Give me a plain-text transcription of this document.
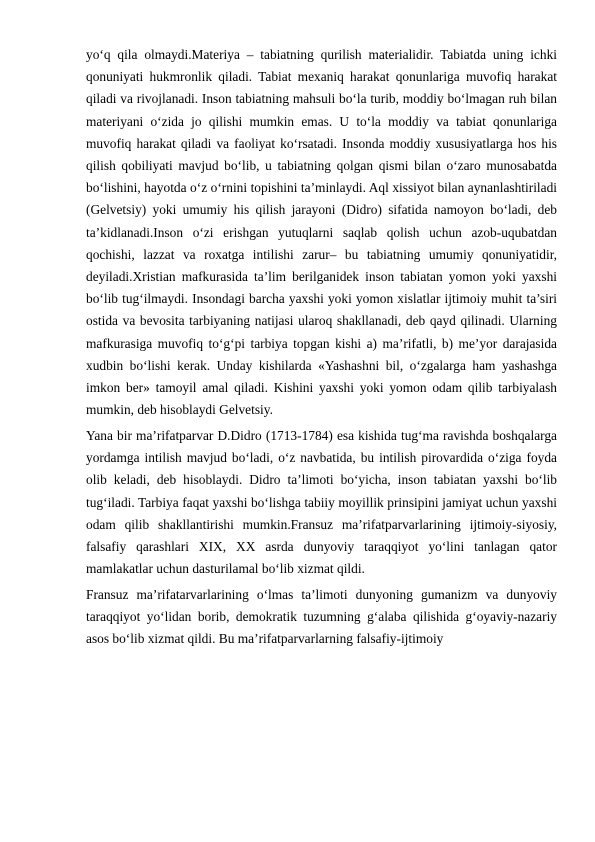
yo‘q qila olmaydi.Materiya – tabiatning qurilish materialidir. Tabiatda uning ichki qonuniyati hukmronlik qiladi. Tabiat mexaniq harakat qonunlariga muvofiq harakat qiladi va rivojlanadi. Inson tabiatning mahsuli bo‘la turib, moddiy bo‘lmagan ruh bilan materiyani o‘zida jo qilishi mumkin emas. U to‘la moddiy va tabiat qonunlariga muvofiq harakat qiladi va faoliyat ko‘rsatadi. Insonda moddiy xususiyatlarga hos his qilish qobiliyati mavjud bo‘lib, u tabiatning qolgan qismi bilan o‘zaro munosabatda bo‘lishini, hayotda o‘z o‘rnini topishini ta’minlaydi. Aql xissiyot bilan aynanlashtiriladi (Gelvetsiy) yoki umumiy his qilish jarayoni (Didro) sifatida namoyon bo‘ladi, deb ta’kidlanadi.Inson o‘zi erishgan yutuqlarni saqlab qolish uchun azob-uqubatdan qochishi, lazzat va roxatga intilishi zarur– bu tabiatning umumiy qonuniyatidir, deyiladi.Xristian mafkurasida ta’lim berilganidek inson tabiatan yomon yoki yaxshi bo‘lib tug‘ilmaydi. Insondagi barcha yaxshi yoki yomon xislatlar ijtimoiy muhit ta’siri ostida va bevosita tarbiyaning natijasi ularoq shakllanadi, deb qayd qilinadi. Ularning mafkurasiga muvofiq to‘g‘pi tarbiya topgan kishi a) ma’rifatli, b) me’yor darajasida xudbin bo‘lishi kerak. Unday kishilarda «Yashashni bil, o‘zgalarga ham yashashga imkon ber» tamoyil amal qiladi. Kishini yaxshi yoki yomon odam qilib tarbiyalash mumkin, deb hisoblaydi Gelvetsiy.

Yana bir ma’rifatparvar D.Didro (1713-1784) esa kishida tug‘ma ravishda boshqalarga yordamga intilish mavjud bo‘ladi, o‘z navbatida, bu intilish pirovardida o‘ziga foyda olib keladi, deb hisoblaydi. Didro ta’limoti bo‘yicha, inson tabiatan yaxshi bo‘lib tug‘iladi. Tarbiya faqat yaxshi bo‘lishga tabiiy moyillik prinsipini jamiyat uchun yaxshi odam qilib shakllantirishi mumkin.Fransuz ma’rifatparvarlarining ijtimoiy-siyosiy, falsafiy qarashlari XIX, XX asrda dunyoviy taraqqiyot yo‘lini tanlagan qator mamlakatlar uchun dasturilamal bo‘lib xizmat qildi.

Fransuz ma’rifatarvarlarining o‘lmas ta’limoti dunyoning gumanizm va dunyoviy taraqqiyot yo‘lidan borib, demokratik tuzumning g‘alaba qilishida g‘oyaviy-nazariy asos bo‘lib xizmat qildi. Bu ma’rifatparvarlarning falsafiy-ijtimoiy
